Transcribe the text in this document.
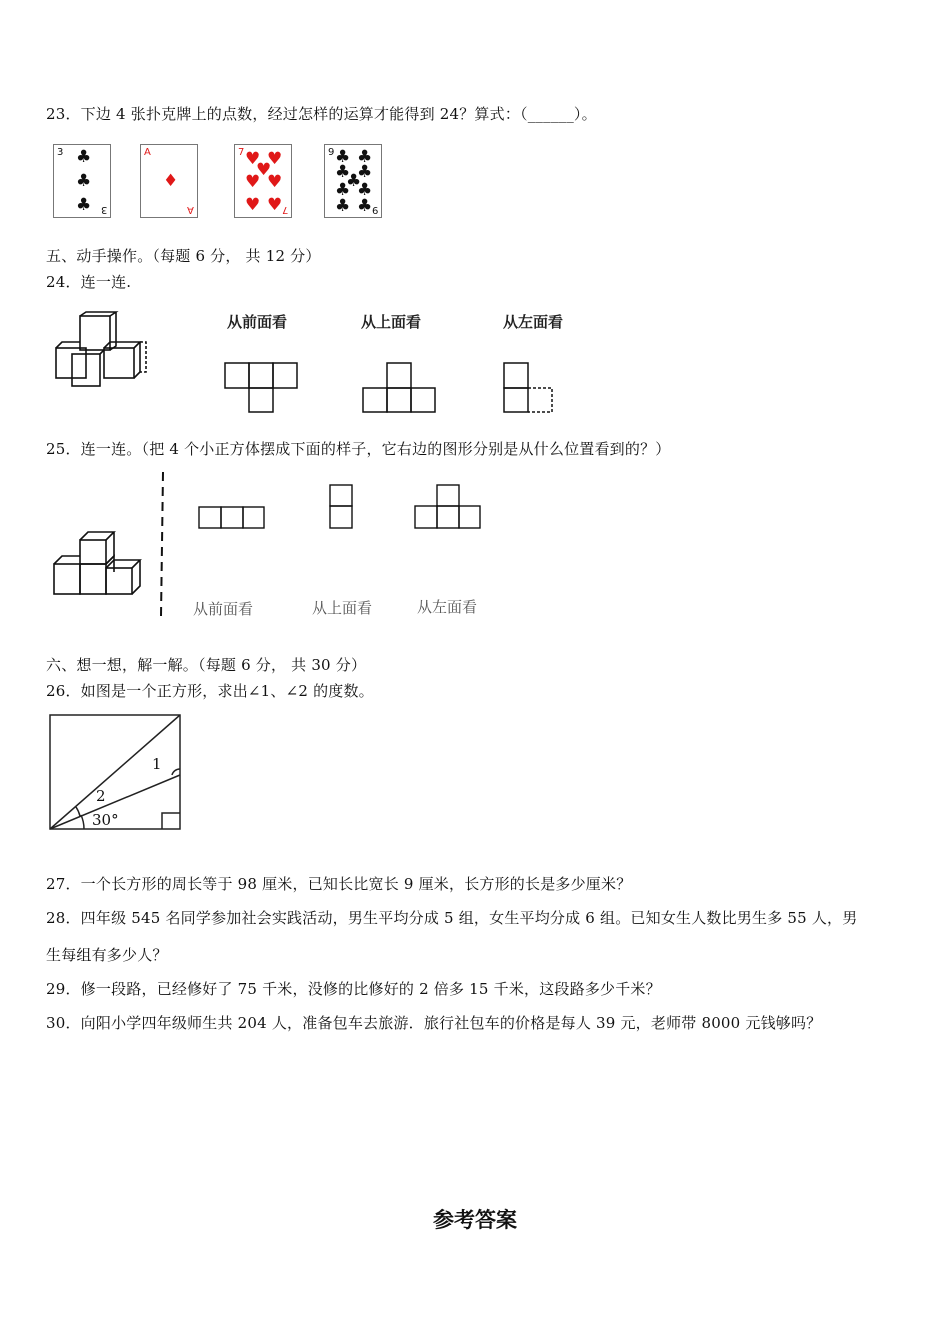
23．下边 4 张扑克牌上的点数，经过怎样的运算才能得到 24？算式：（______）。
3
3
♣
♣
♣
A
A
♦
7
7
♥ ♥
♥
♥ ♥
♥ ♥
9
9
♣ ♣
♣ ♣
♣
♣ ♣
♣ ♣
五、动手操作。（每题 6 分， 共 12 分）
24．连一连.
从前面看	从上面看	从左面看
25．连一连。（把 4 个小正方体摆成下面的样子，它右边的图形分别是从什么位置看到的？）
从前面看	从上面看	从左面看
六、想一想，解一解。（每题 6 分， 共 30 分）
26．如图是一个正方形，求出∠1、∠2 的度数。
1
2
30°
27．一个长方形的周长等于 98 厘米，已知长比宽长 9 厘米，长方形的长是多少厘米？
28．四年级 545 名同学参加社会实践活动，男生平均分成 5 组，女生平均分成 6 组。已知女生人数比男生多 55 人，男
生每组有多少人？
29．修一段路，已经修好了 75 千米，没修的比修好的 2 倍多 15 千米，这段路多少千米？
30．向阳小学四年级师生共 204 人，准备包车去旅游．旅行社包车的价格是每人 39 元，老师带 8000 元钱够吗？
参考答案
